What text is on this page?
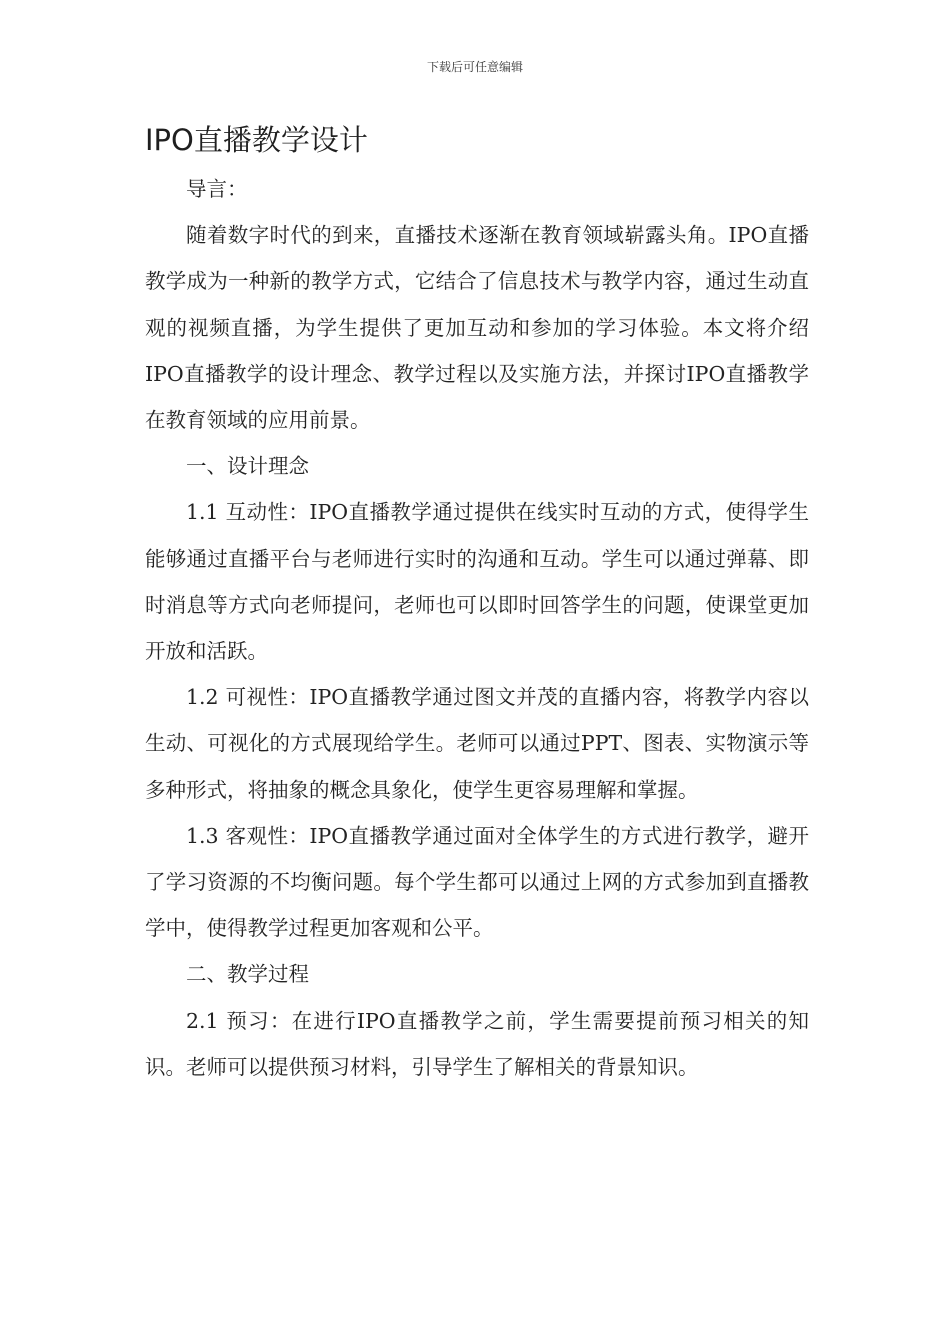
下载后可任意编辑
IPO直播教学设计

导言：

随着数字时代的到来，直播技术逐渐在教育领域崭露头角。IPO直播教学成为一种新的教学方式，它结合了信息技术与教学内容，通过生动直观的视频直播，为学生提供了更加互动和参加的学习体验。本文将介绍IPO直播教学的设计理念、教学过程以及实施方法，并探讨IPO直播教学在教育领域的应用前景。

一、设计理念

1.1 互动性：IPO直播教学通过提供在线实时互动的方式，使得学生能够通过直播平台与老师进行实时的沟通和互动。学生可以通过弹幕、即时消息等方式向老师提问，老师也可以即时回答学生的问题，使课堂更加开放和活跃。

1.2 可视性：IPO直播教学通过图文并茂的直播内容，将教学内容以生动、可视化的方式展现给学生。老师可以通过PPT、图表、实物演示等多种形式，将抽象的概念具象化，使学生更容易理解和掌握。

1.3 客观性：IPO直播教学通过面对全体学生的方式进行教学，避开了学习资源的不均衡问题。每个学生都可以通过上网的方式参加到直播教学中，使得教学过程更加客观和公平。

二、教学过程

2.1 预习：在进行IPO直播教学之前，学生需要提前预习相关的知识。老师可以提供预习材料，引导学生了解相关的背景知识。
